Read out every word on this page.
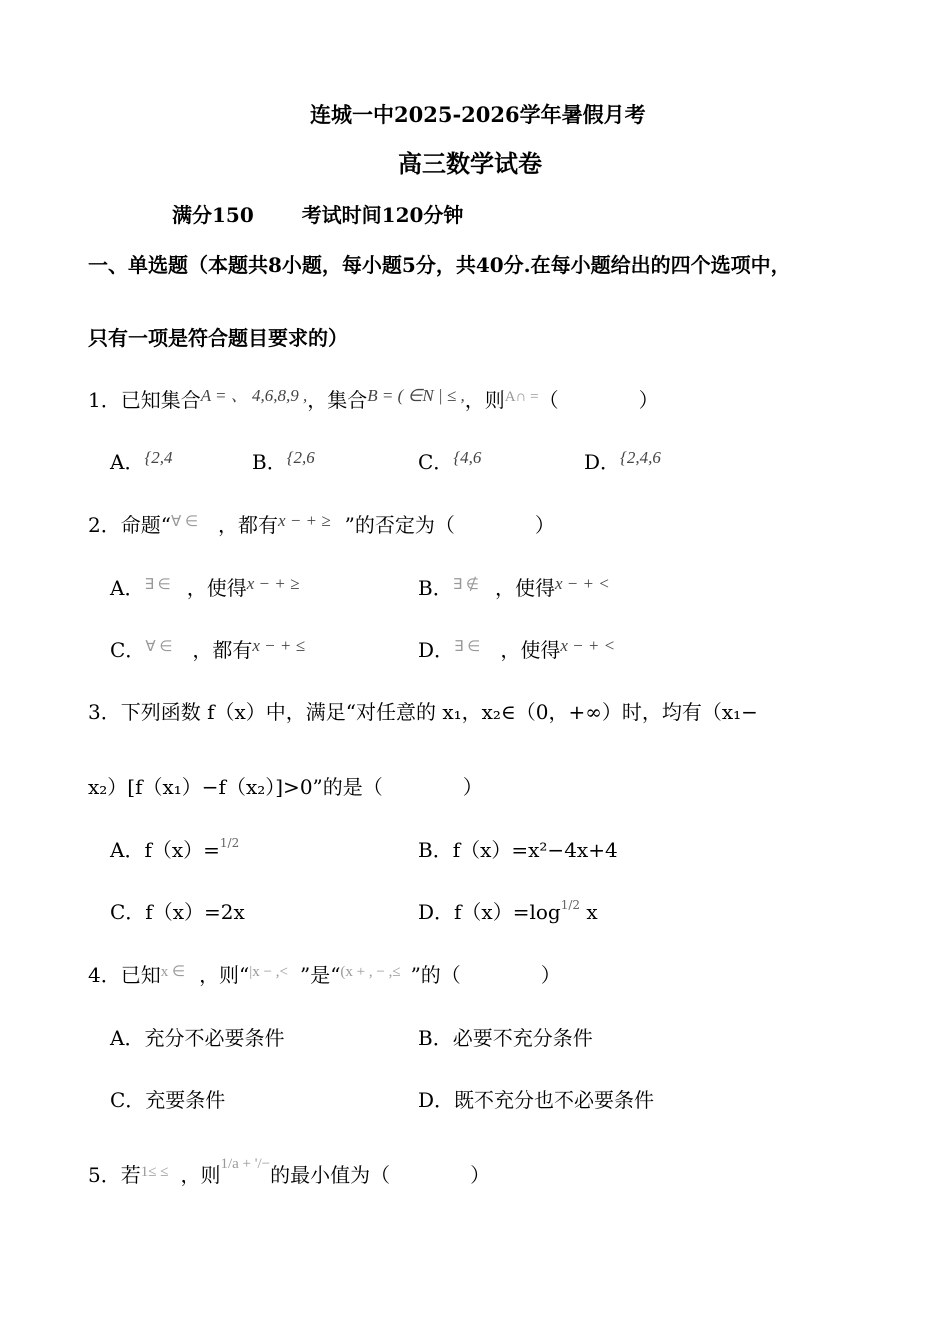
连城一中2025-2026学年暑假月考
高三数学试卷
满分150 考试时间120分钟
一、单选题（本题共8小题，每小题5分，共40分.在每小题给出的四个选项中，
只有一项是符合题目要求的）
1．已知集合$^{A = 、 4,6,8,9 ,}$，集合$^{B = ( \in N | \le ,}$，则$^{A\cap =}$（　　　　）
A．$^{\{2,4}$	B．$^{\{2,6}$	C．$^{\{4,6}$	D．$^{\{2,4,6}$
2．命题“∀ ∈ ，都有$^{x - + \ge}$ ”的否定为（　　　　）
A．∃ ∈ ，使得$^{x - + \ge}$	B．∃ ∉ ，使得$^{x - + <}$
C．∀ ∈ ，都有$^{x - + \le}$	D．∃ ∈ ，使得$^{x - + <}$
3．下列函数 f（x）中，满足“对任意的 x₁，x₂∈（0，+∞）时，均有（x₁−
x₂）[f（x₁）−f（x₂）]>0”的是（　　　　）
A．f（x）=$^{1/2}$	B．f（x）=x²−4x+4
C．f（x）=2x	D．$f(x)=\log^{1/2}$ x
4．已知$^{x \in}$ ，则“$^{|x - ,<}$ ”是“$^{(x + , - ,\le}$ ”的（　　　　）
A．充分不必要条件	B．必要不充分条件
C．充要条件	D．既不充分也不必要条件
5．若$^{1\le \le}$ ，则$^{1/a + '/-}$的最小值为（　　　　）
